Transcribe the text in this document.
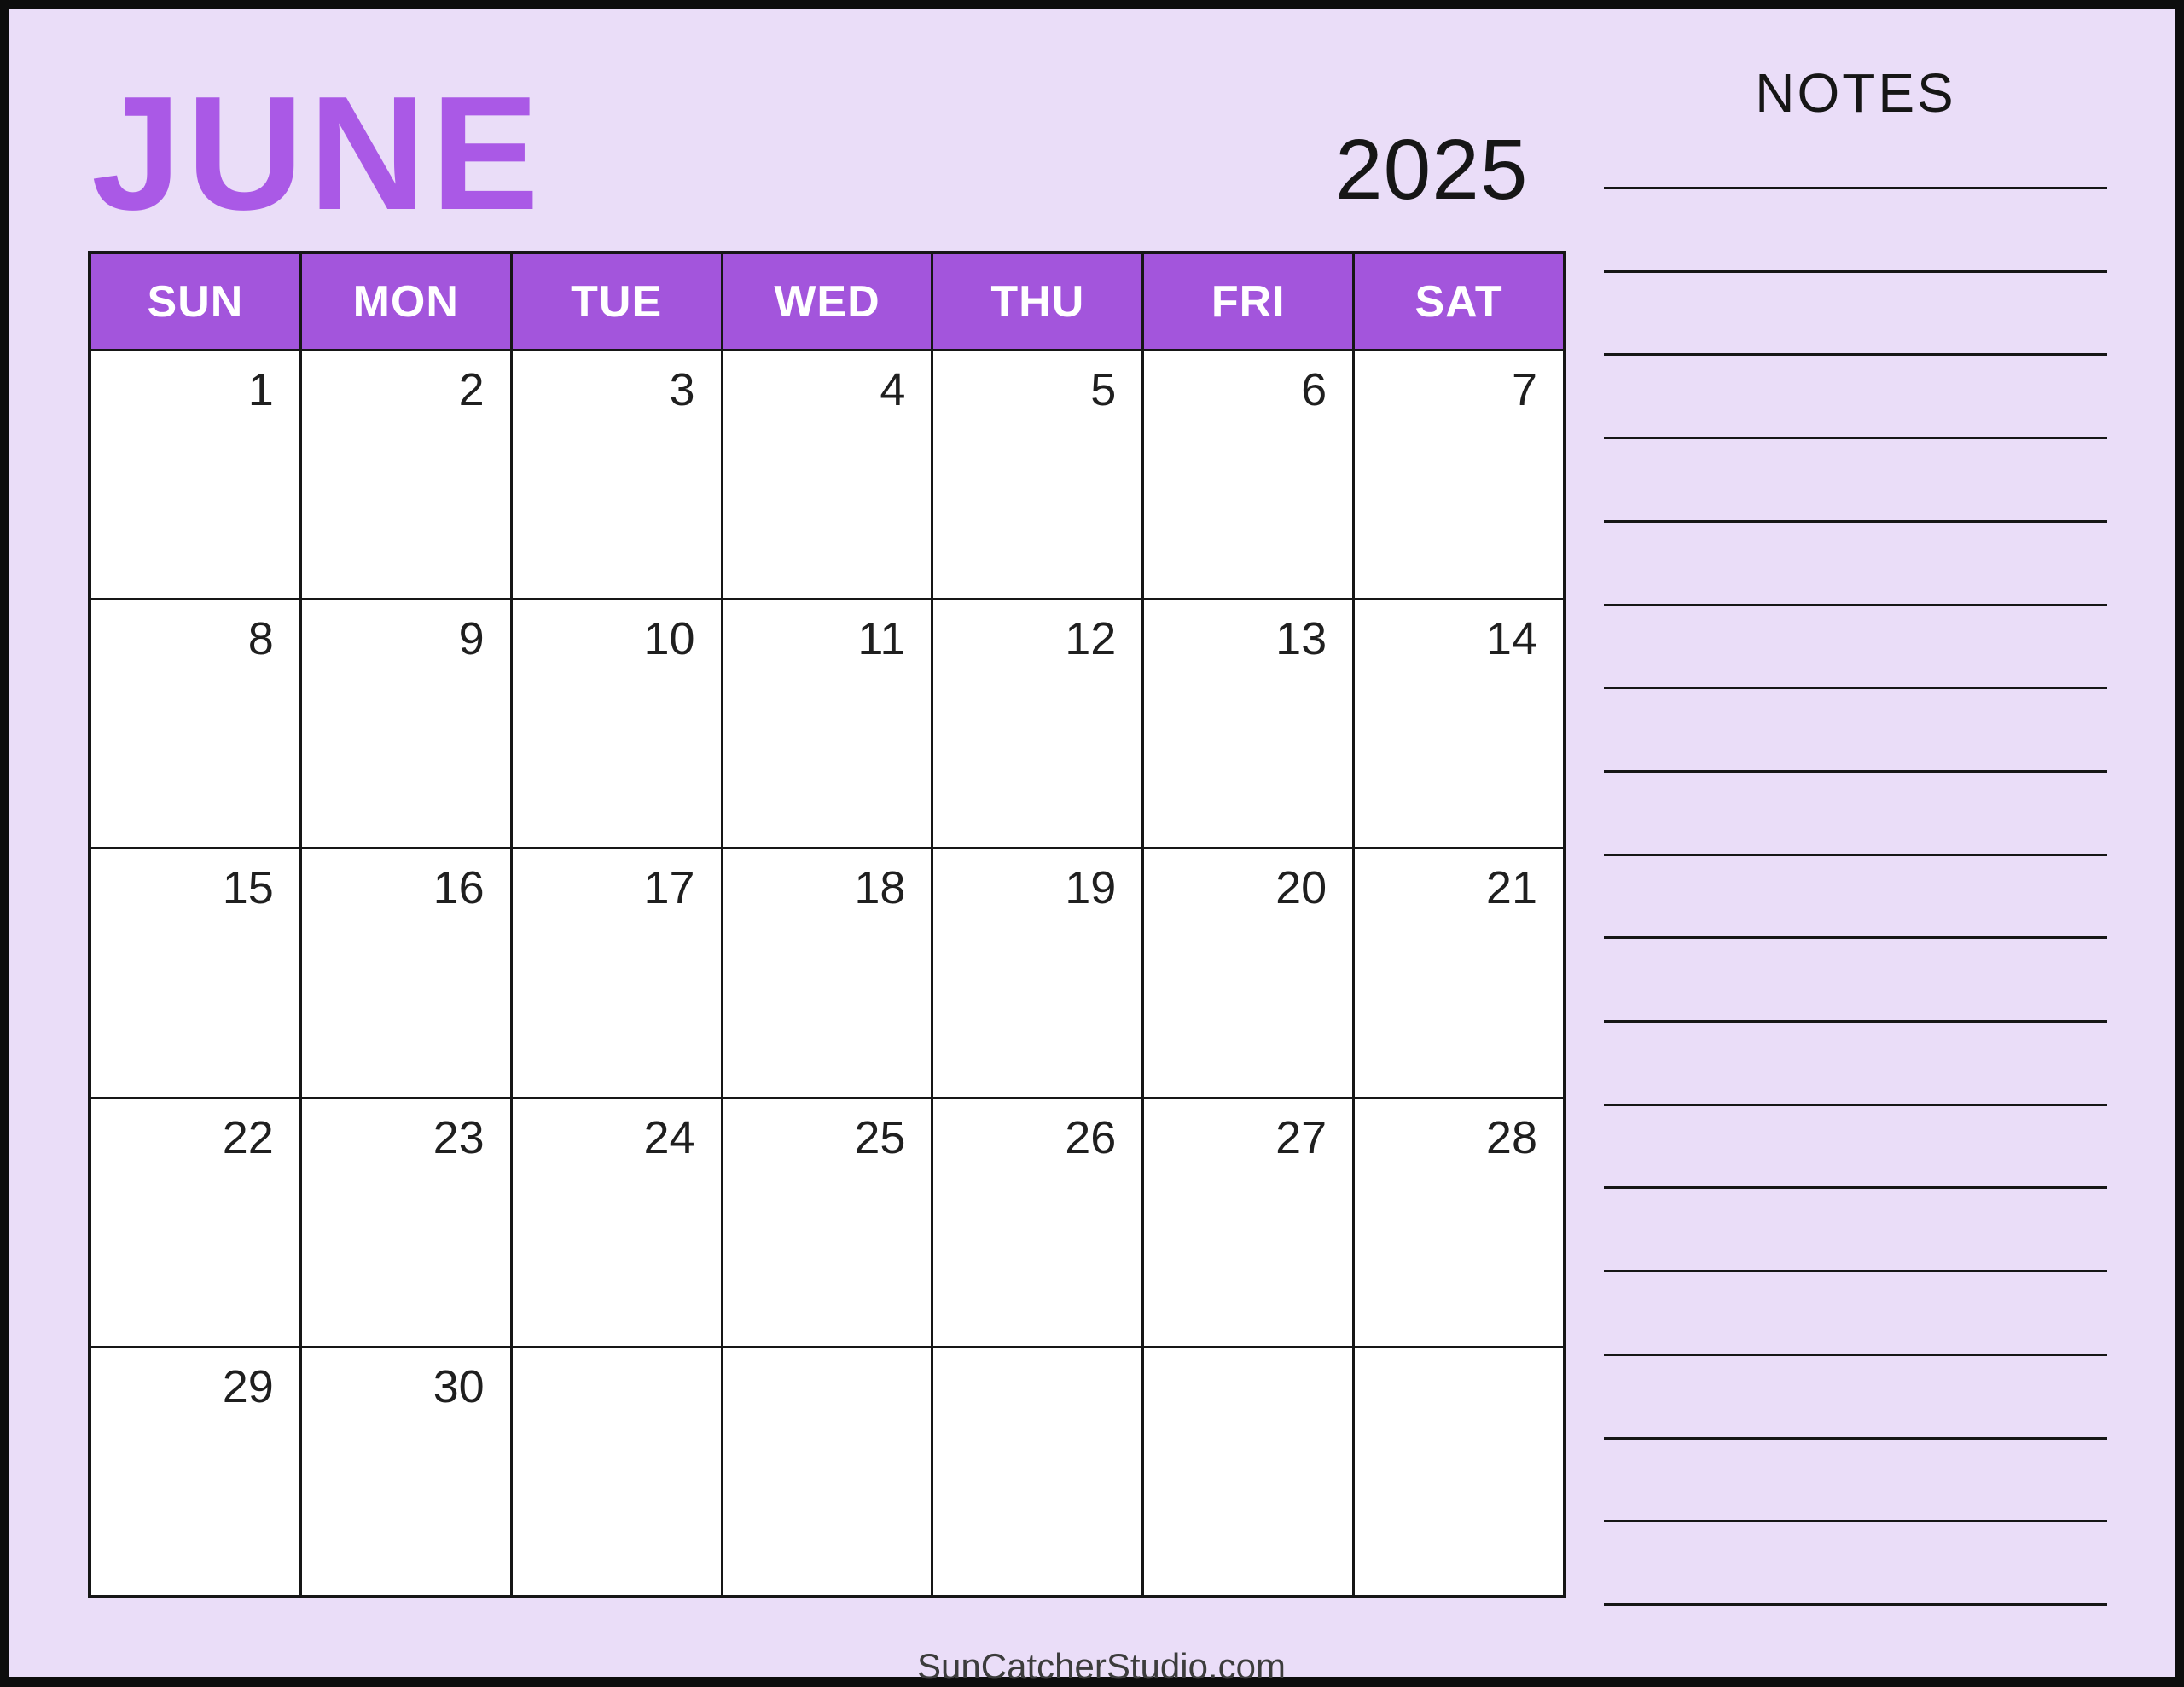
JUNE	2025
NOTES
SUN	MON	TUE	WED	THU	FRI	SAT
1	2	3	4	5	6	7
8	9	10	11	12	13	14
15	16	17	18	19	20	21
22	23	24	25	26	27	28
29	30
SunCatcherStudio.com
